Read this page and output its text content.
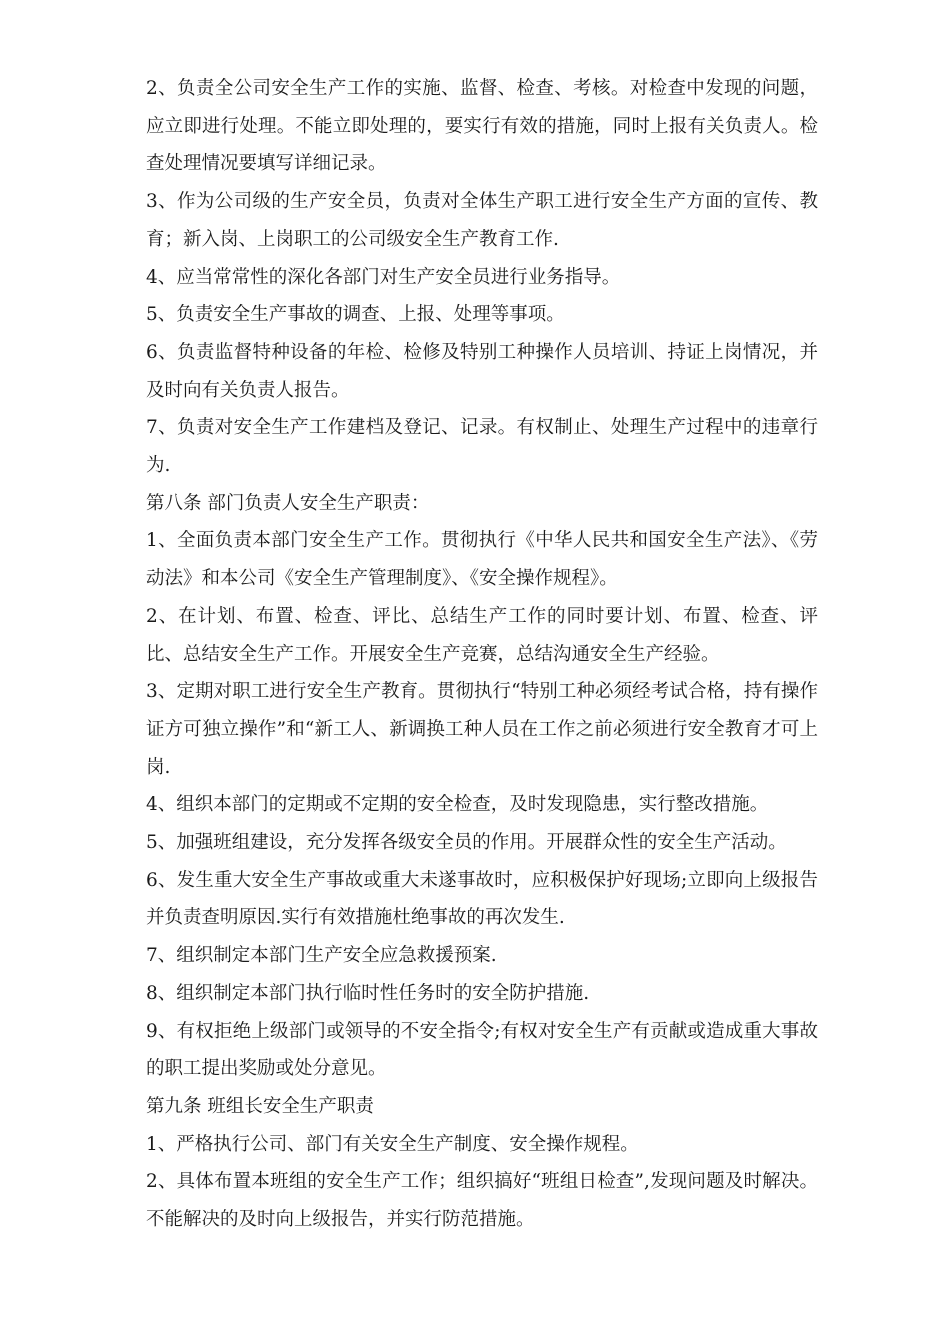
2、负责全公司安全生产工作的实施、监督、检查、考核。对检查中发现的问题，应立即进行处理。不能立即处理的，要实行有效的措施，同时上报有关负责人。检查处理情况要填写详细记录。

3、作为公司级的生产安全员，负责对全体生产职工进行安全生产方面的宣传、教育；新入岗、上岗职工的公司级安全生产教育工作.

4、应当常常性的深化各部门对生产安全员进行业务指导。

5、负责安全生产事故的调查、上报、处理等事项。

6、负责监督特种设备的年检、检修及特别工种操作人员培训、持证上岗情况，并及时向有关负责人报告。

7、负责对安全生产工作建档及登记、记录。有权制止、处理生产过程中的违章行为.

第八条 部门负责人安全生产职责：

1、全面负责本部门安全生产工作。贯彻执行《中华人民共和国安全生产法》、《劳动法》和本公司《安全生产管理制度》、《安全操作规程》。

2、在计划、布置、检查、评比、总结生产工作的同时要计划、布置、检查、评比、总结安全生产工作。开展安全生产竞赛，总结沟通安全生产经验。

3、定期对职工进行安全生产教育。贯彻执行“特别工种必须经考试合格，持有操作证方可独立操作”和“新工人、新调换工种人员在工作之前必须进行安全教育才可上岗.

4、组织本部门的定期或不定期的安全检查，及时发现隐患，实行整改措施。

5、加强班组建设，充分发挥各级安全员的作用。开展群众性的安全生产活动。

6、发生重大安全生产事故或重大未遂事故时，应积极保护好现场;立即向上级报告并负责查明原因.实行有效措施杜绝事故的再次发生.

7、组织制定本部门生产安全应急救援预案.

8、组织制定本部门执行临时性任务时的安全防护措施.

9、有权拒绝上级部门或领导的不安全指令;有权对安全生产有贡献或造成重大事故的职工提出奖励或处分意见。

第九条 班组长安全生产职责

1、严格执行公司、部门有关安全生产制度、安全操作规程。

2、具体布置本班组的安全生产工作；组织搞好“班组日检查”,发现问题及时解决。不能解决的及时向上级报告，并实行防范措施。
